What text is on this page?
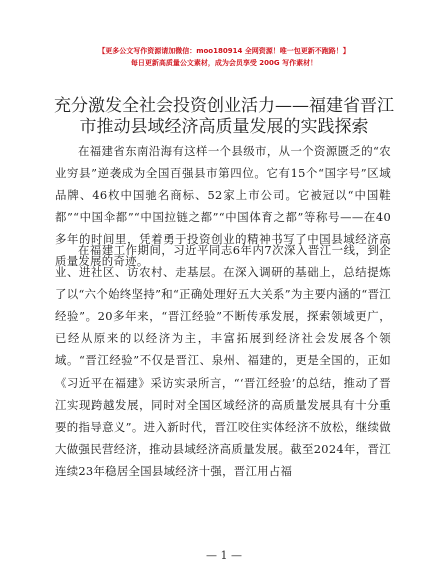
【更多公文写作资源请加微信：moo180914 全网资源！唯一包更新不跑路！】
每日更新高质量公文素材，成为会员享受 200G 写作素材！
充分激发全社会投资创业活力——福建省晋江
市推动县域经济高质量发展的实践探索

在福建省东南沿海有这样一个县级市，从一个资源匮乏的“农业穷县”逆袭成为全国百强县市第四位。它有15个“国字号”区域品牌、46枚中国驰名商标、52家上市公司。它被冠以“中国鞋都”“中国伞都”“中国拉链之都”“中国体育之都”等称号——在40多年的时间里，凭着勇于投资创业的精神书写了中国县域经济高质量发展的奇迹。

在福建工作期间，习近平同志6年内7次深入晋江一线，到企业、进社区、访农村、走基层。在深入调研的基础上，总结提炼了以“六个始终坚持”和“正确处理好五大关系”为主要内涵的“晋江经验”。20多年来，“晋江经验”不断传承发展，探索领域更广，已经从原来的以经济为主，丰富拓展到经济社会发展各个领域。“晋江经验”不仅是晋江、泉州、福建的，更是全国的，正如《习近平在福建》采访实录所言，“‘晋江经验’的总结，推动了晋江实现跨越发展，同时对全国区域经济的高质量发展具有十分重要的指导意义”。进入新时代，晋江咬住实体经济不放松，继续做大做强民营经济，推动县域经济高质量发展。截至2024年，晋江连续23年稳居全国县域经济十强，晋江用占福

— 1 —
